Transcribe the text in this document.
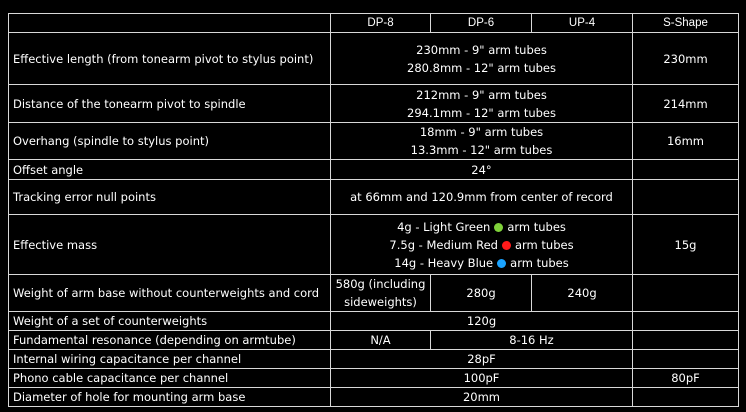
	DP-8	DP-6	UP-4	S-Shape
Effective length (from tonearm pivot to stylus point)	230mm - 9" arm tubes
280.8mm - 12" arm tubes			230mm
Distance of the tonearm pivot to spindle	212mm - 9" arm tubes
294.1mm - 12" arm tubes			214mm
Overhang (spindle to stylus point)	18mm - 9" arm tubes
13.3mm - 12" arm tubes			16mm
Offset angle	24°			
Tracking error null points	at 66mm and 120.9mm from center of record			
Effective mass	4g - Light Green arm tubes
7.5g - Medium Red arm tubes
14g - Heavy Blue arm tubes			15g
Weight of arm base without counterweights and cord	580g (including sideweights)	280g	240g	
Weight of a set of counterweights	120g			
Fundamental resonance (depending on armtube)	N/A	8-16 Hz		
Internal wiring capacitance per channel	28pF			
Phono cable capacitance per channel	100pF			80pF
Diameter of hole for mounting arm base	20mm			
